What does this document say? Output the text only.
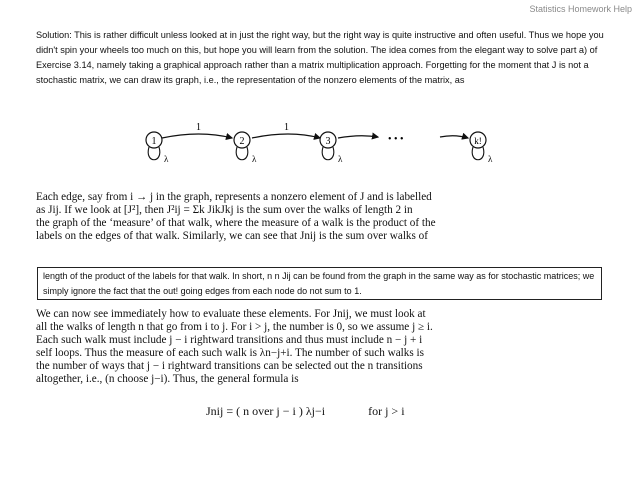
Statistics Homework Help
Solution: This is rather difficult unless looked at in just the right way, but the right way is quite instructive and often useful. Thus we hope you didn't spin your wheels too much on this, but hope you will learn from the solution. The idea comes from the elegant way to solve part a) of Exercise 3.14, namely taking a graphical approach rather than a matrix multiplication approach. Forgetting for the moment that J is not a stochastic matrix, we can draw its graph, i.e., the representation of the nonzero elements of the matrix, as
1	1
1
λ
2
λ
3
λ
• • •	k!
λ
Each edge, say from i → j in the graph, represents a nonzero element of J and is labelled
as Jij. If we look at [J²], then J²ij = Σk JikJkj is the sum over the walks of length 2 in
the graph of the ‘measure’ of that walk, where the measure of a walk is the product of the
labels on the edges of that walk. Similarly, we can see that Jnij is the sum over walks of
length of the product of the labels for that walk. In short, n n Jij can be found from the graph in the same way as for stochastic matrices; we simply ignore the fact that the out! going edges from each node do not sum to 1.
We can now see immediately how to evaluate these elements. For Jnij, we must look at
all the walks of length n that go from i to j. For i > j, the number is 0, so we assume j ≥ i.
Each such walk must include j − i rightward transitions and thus must include n − j + i
self loops. Thus the measure of each such walk is λn−j+i. The number of such walks is
the number of ways that j − i rightward transitions can be selected out the n transitions
altogether, i.e., (n choose j−i). Thus, the general formula is
Jnij = ( n over j − i ) λj−i	for j > i
